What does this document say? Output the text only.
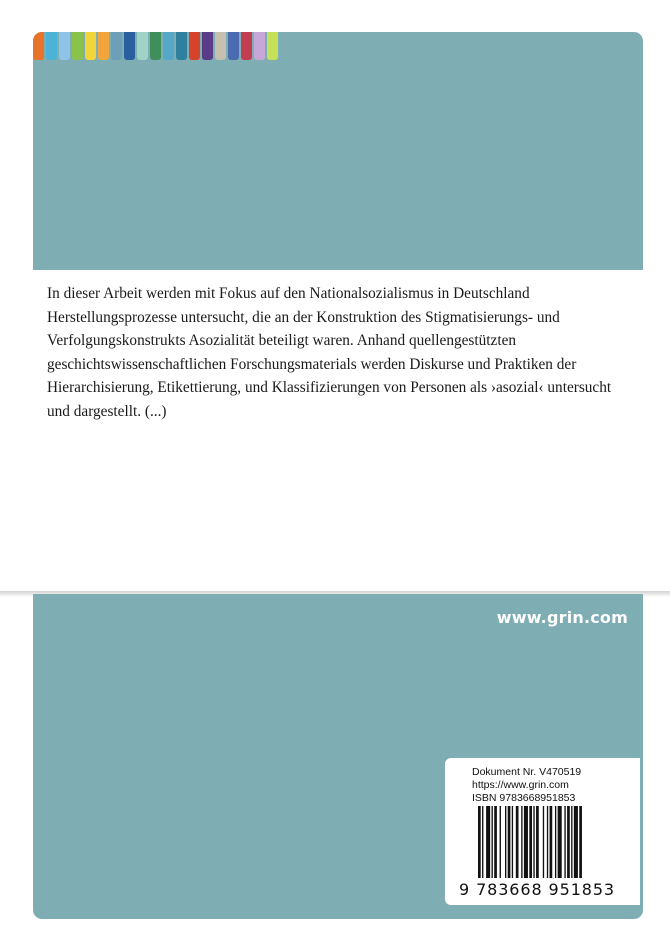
In dieser Arbeit werden mit Fokus auf den Nationalsozialismus in Deutschland
Herstellungsprozesse untersucht, die an der Konstruktion des Stigmatisierungs- und
Verfolgungskonstrukts Asozialität beteiligt waren. Anhand quellengestützten
geschichtswissenschaftlichen Forschungsmaterials werden Diskurse und Praktiken der
Hierarchisierung, Etikettierung, und Klassifizierungen von Personen als ›asozial‹ untersucht
und dargestellt. (...)

www.grin.com
Dokument Nr. V470519
https://www.grin.com
ISBN 9783668951853
9 783668 951853
